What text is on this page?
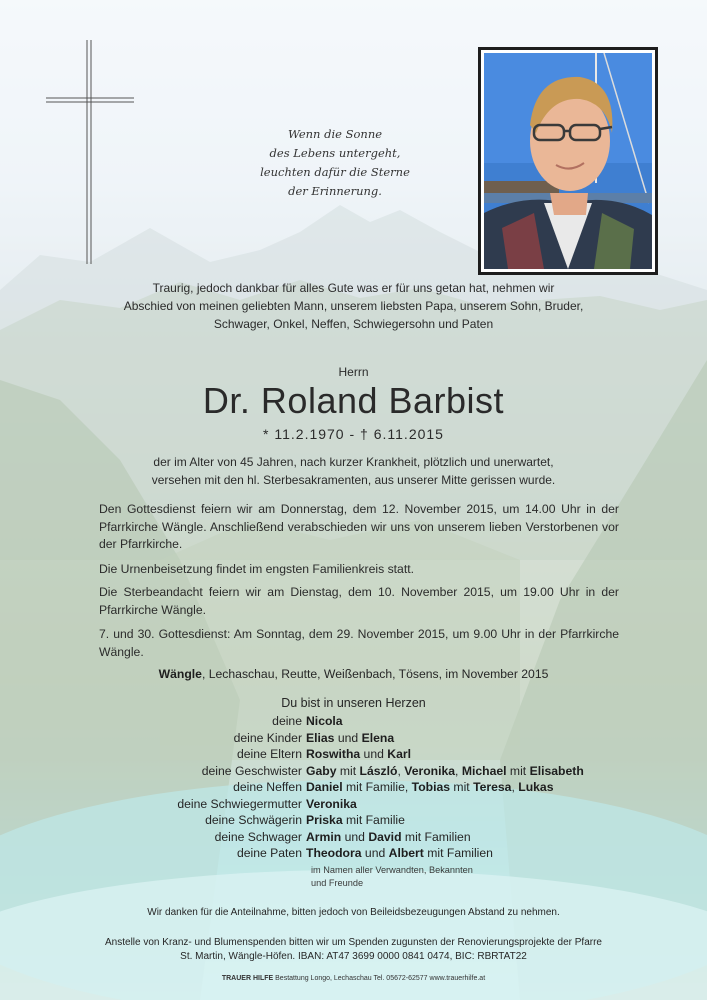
Wenn die Sonne
des Lebens untergeht,
leuchten dafür die Sterne
der Erinnerung.
Traurig, jedoch dankbar für alles Gute was er für uns getan hat, nehmen wir
Abschied von meinen geliebten Mann, unserem liebsten Papa, unserem Sohn, Bruder,
Schwager, Onkel, Neffen, Schwiegersohn und Paten
Herrn
Dr. Roland Barbist
* 11.2.1970 - † 6.11.2015
der im Alter von 45 Jahren, nach kurzer Krankheit, plötzlich und unerwartet,
versehen mit den hl. Sterbesakramenten, aus unserer Mitte gerissen wurde.
Den Gottesdienst feiern wir am Donnerstag, dem 12. November 2015, um 14.00 Uhr in der Pfarrkirche Wängle. Anschließend verabschieden wir uns von unserem lieben Verstorbenen vor der Pfarrkirche.
Die Urnenbeisetzung findet im engsten Familienkreis statt.
Die Sterbeandacht feiern wir am Dienstag, dem 10. November 2015, um 19.00 Uhr in der Pfarrkirche Wängle.
7. und 30. Gottesdienst: Am Sonntag, dem 29. November 2015, um 9.00 Uhr in der Pfarrkirche Wängle.
Wängle, Lechaschau, Reutte, Weißenbach, Tösens, im November 2015
Du bist in unseren Herzen
deine Nicola
deine Kinder Elias und Elena
deine Eltern Roswitha und Karl
deine Geschwister Gaby mit László, Veronika, Michael mit Elisabeth
deine Neffen Daniel mit Familie, Tobias mit Teresa, Lukas
deine Schwiegermutter Veronika
deine Schwägerin Priska mit Familie
deine Schwager Armin und David mit Familien
deine Paten Theodora und Albert mit Familien
im Namen aller Verwandten, Bekannten
und Freunde
Wir danken für die Anteilnahme, bitten jedoch von Beileidsbezeugungen Abstand zu nehmen.
Anstelle von Kranz- und Blumenspenden bitten wir um Spenden zugunsten der Renovierungsprojekte der Pfarre
St. Martin, Wängle-Höfen. IBAN: AT47 3699 0000 0841 0474, BIC: RBRTAT22
TRAUER HILFE Bestattung Longo, Lechaschau Tel. 05672-62577 www.trauerhilfe.at
